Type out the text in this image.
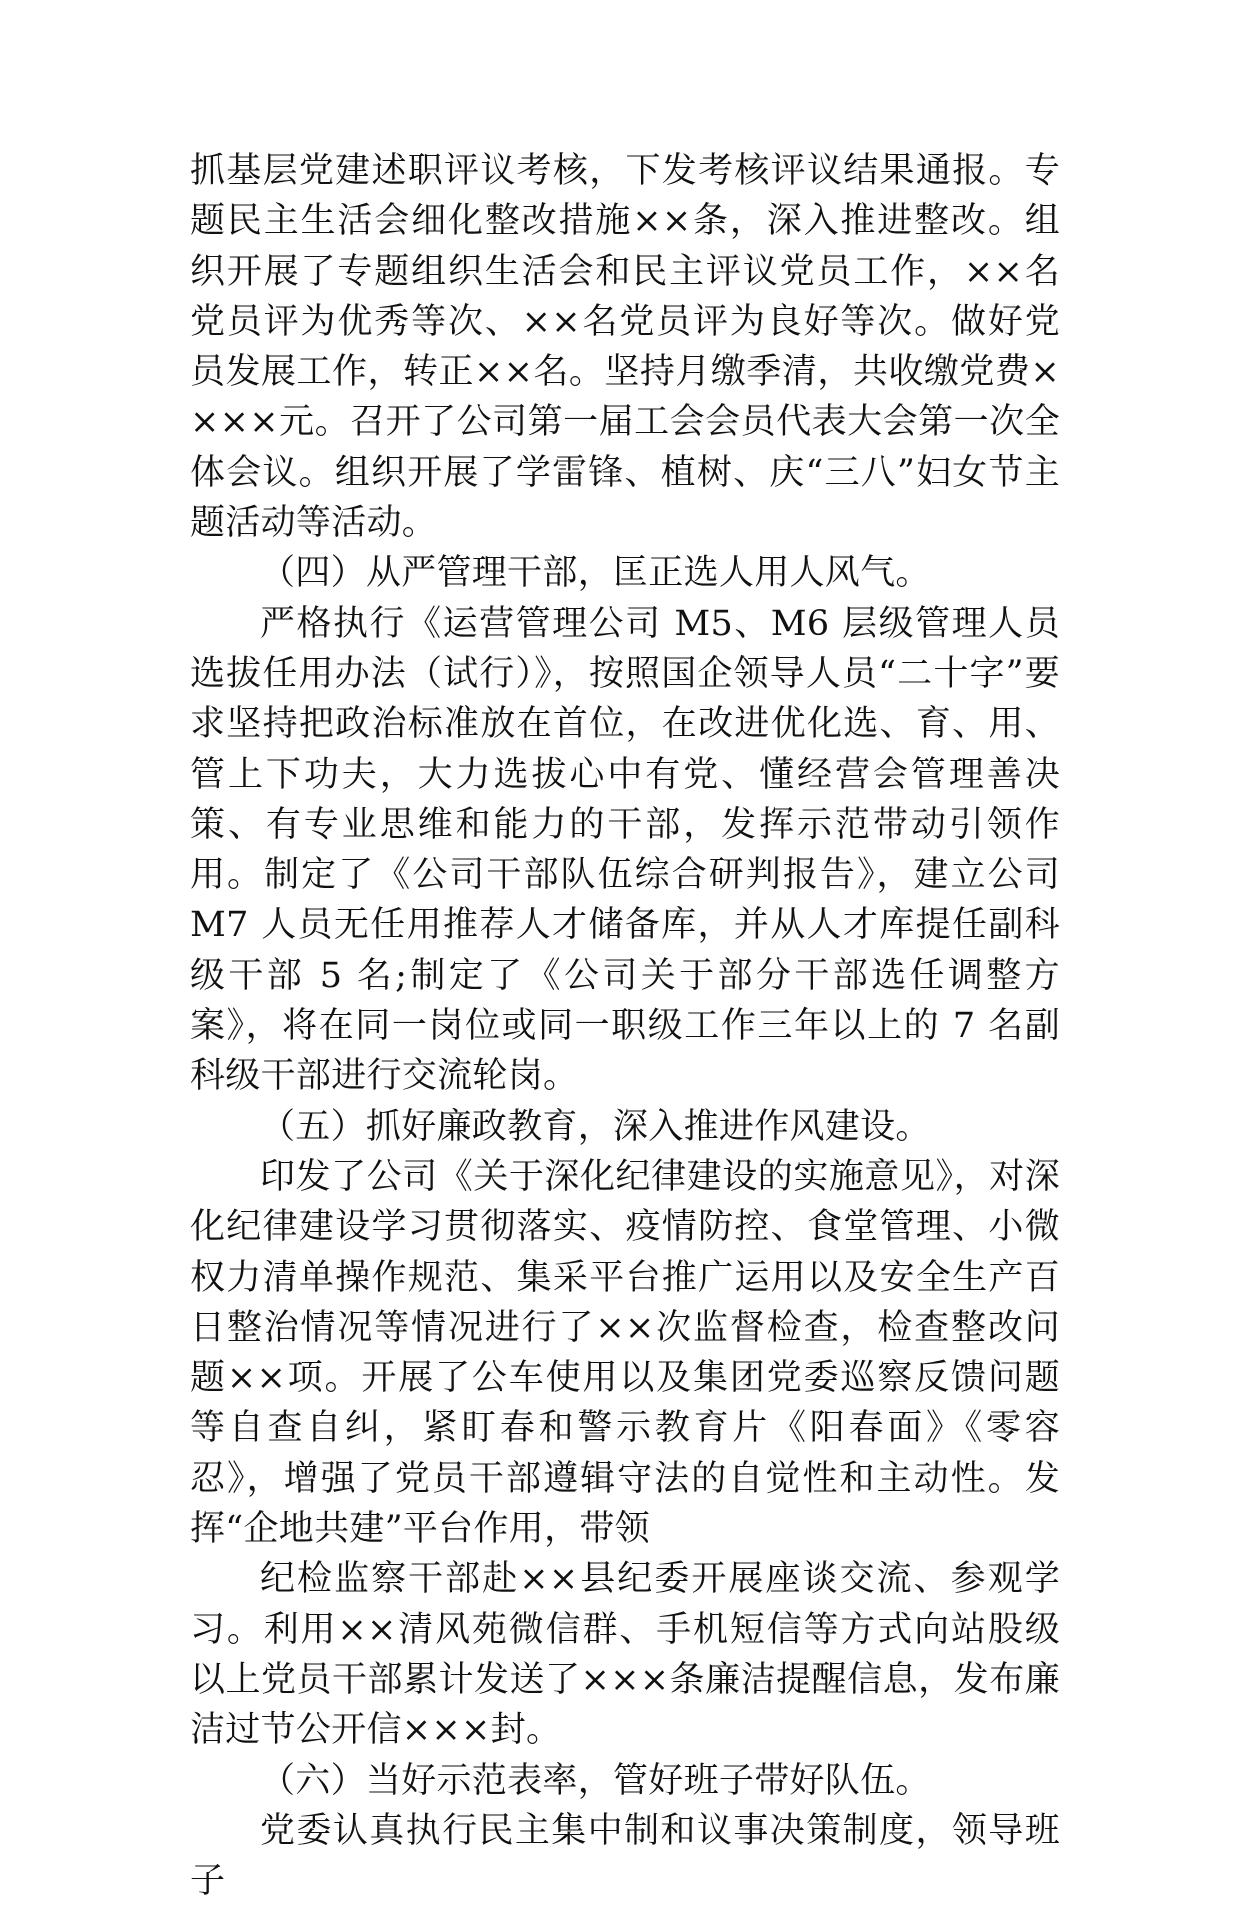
抓基层党建述职评议考核，下发考核评议结果通报。专题民主生活会细化整改措施××条，深入推进整改。组织开展了专题组织生活会和民主评议党员工作，××名党员评为优秀等次、××名党员评为良好等次。做好党员发展工作，转正××名。坚持月缴季清，共收缴党费××××元。召开了公司第一届工会会员代表大会第一次全体会议。组织开展了学雷锋、植树、庆“三八”妇女节主题活动等活动。

（四）从严管理干部，匡正选人用人风气。

严格执行《运营管理公司 M5、M6 层级管理人员选拔任用办法（试行）》，按照国企领导人员“二十字”要求坚持把政治标准放在首位，在改进优化选、育、用、管上下功夫，大力选拔心中有党、懂经营会管理善决策、有专业思维和能力的干部，发挥示范带动引领作用。制定了《公司干部队伍综合研判报告》，建立公司 M7 人员无任用推荐人才储备库，并从人才库提任副科级干部 5 名;制定了《公司关于部分干部选任调整方案》，将在同一岗位或同一职级工作三年以上的 7 名副科级干部进行交流轮岗。

（五）抓好廉政教育，深入推进作风建设。

印发了公司《关于深化纪律建设的实施意见》，对深化纪律建设学习贯彻落实、疫情防控、食堂管理、小微权力清单操作规范、集采平台推广运用以及安全生产百日整治情况等情况进行了××次监督检查，检查整改问题××项。开展了公车使用以及集团党委巡察反馈问题等自查自纠，紧盯春和警示教育片《阳春面》《零容忍》，增强了党员干部遵辑守法的自觉性和主动性。发挥“企地共建”平台作用，带领

纪检监察干部赴××县纪委开展座谈交流、参观学习。利用××清风苑微信群、手机短信等方式向站股级以上党员干部累计发送了×××条廉洁提醒信息，发布廉洁过节公开信×××封。

（六）当好示范表率，管好班子带好队伍。

党委认真执行民主集中制和议事决策制度，领导班子
